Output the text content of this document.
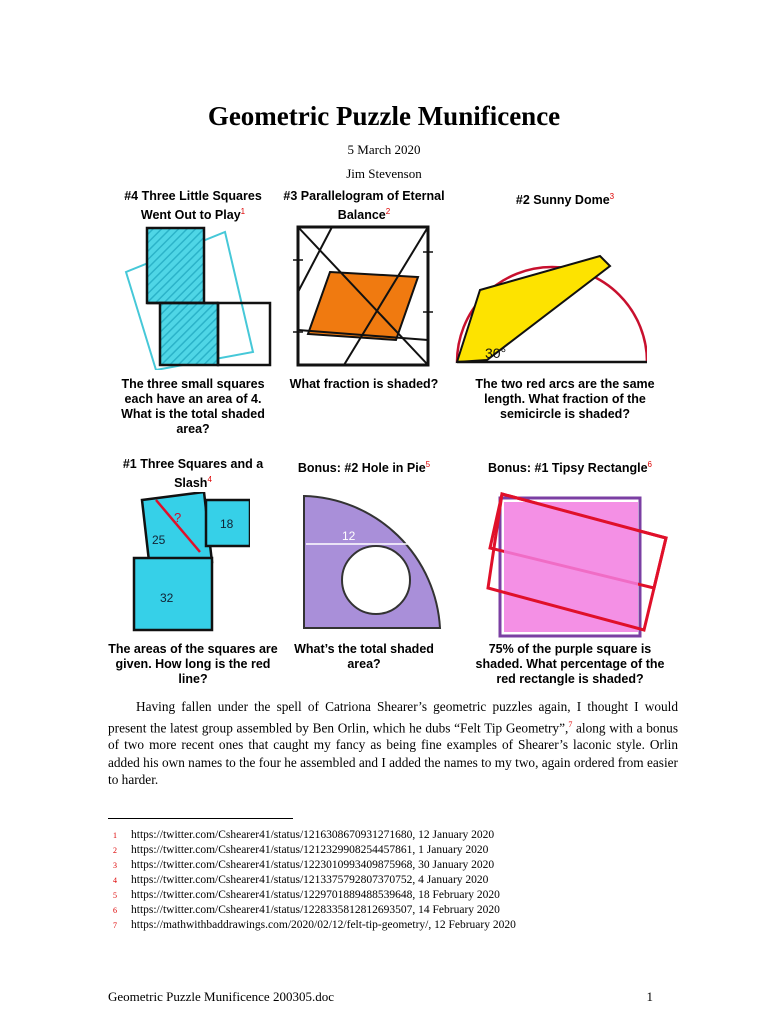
Geometric Puzzle Munificence
5 March 2020
Jim Stevenson
#4 Three Little Squares Went Out to Play$^1$
#3 Parallelogram of Eternal Balance$^2$
#2 Sunny Dome$^3$
30°
The three small squares each have an area of 4. What is the total shaded area?
What fraction is shaded?	The two red arcs are the same length. What fraction of the semicircle is shaded?
#1 Three Squares and a Slash$^4$
Bonus: #2 Hole in Pie$^5$	Bonus: #1 Tipsy Rectangle$^6$
?
25
18
32
12
The areas of the squares are given. How long is the red line?
What’s the total shaded area?
75% of the purple square is shaded. What percentage of the red rectangle is shaded?
Having fallen under the spell of Catriona Shearer’s geometric puzzles again, I thought I would present the latest group assembled by Ben Orlin, which he dubs “Felt Tip Geometry”,$^7$ along with a bonus of two more recent ones that caught my fancy as being fine examples of Shearer’s laconic style. Orlin added his own names to the four he assembled and I added the names to my two, again ordered from easier to harder.
1 https://twitter.com/Cshearer41/status/1216308670931271680, 12 January 2020
2 https://twitter.com/Cshearer41/status/1212329908254457861, 1 January 2020
3 https://twitter.com/Cshearer41/status/1223010993409875968, 30 January 2020
4 https://twitter.com/Cshearer41/status/1213375792807370752, 4 January 2020
5 https://twitter.com/Cshearer41/status/1229701889488539648, 18 February 2020
6 https://twitter.com/Cshearer41/status/1228335812812693507, 14 February 2020
7 https://mathwithbaddrawings.com/2020/02/12/felt-tip-geometry/, 12 February 2020
Geometric Puzzle Munificence 200305.doc	1
